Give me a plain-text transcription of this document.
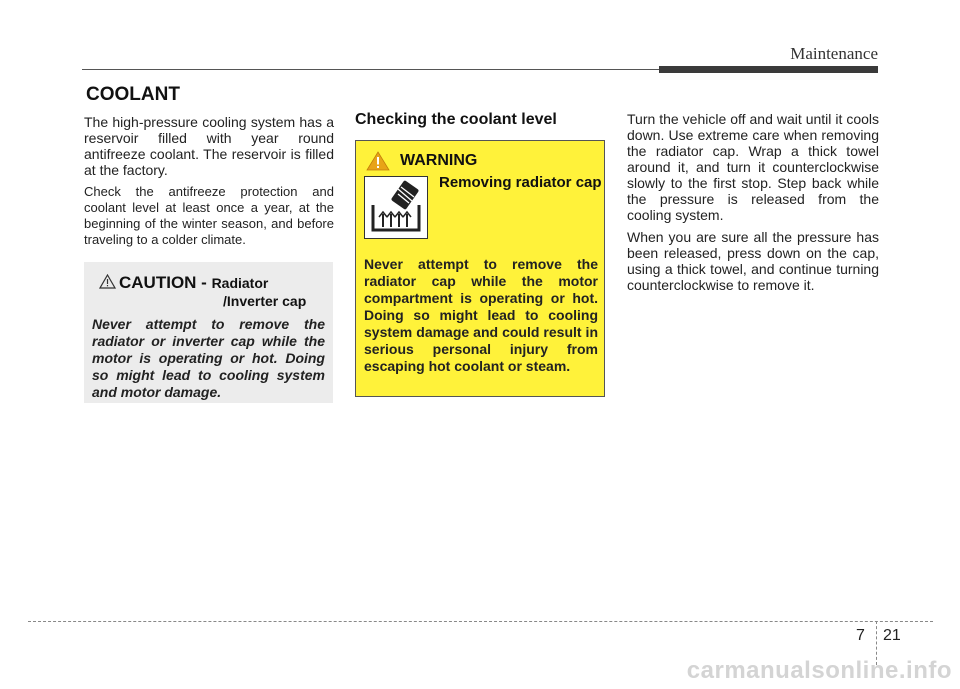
Maintenance
COOLANT

The high-pressure cooling system has a reservoir filled with year round antifreeze coolant. The reservoir is filled at the factory.

Check the antifreeze protection and coolant level at least once a year, at the beginning of the winter season, and before traveling to a colder climate.

CAUTION - Radiator
/Inverter cap
Never attempt to remove the radiator or inverter cap while the motor is operating or hot. Doing so might lead to cooling system and motor damage.
Checking the coolant level
WARNING
Removing radiator cap
Never attempt to remove the radiator cap while the motor compartment is operating or hot. Doing so might lead to cooling system damage and could result in serious personal injury from escaping hot coolant or steam.

Turn the vehicle off and wait until it cools down. Use extreme care when removing the radiator cap. Wrap a thick towel around it, and turn it counterclockwise slowly to the first stop. Step back while the pressure is released from the cooling system.

When you are sure all the pressure has been released, press down on the cap, using a thick towel, and continue turning counterclockwise to remove it.

7 21
carmanualsonline.info
